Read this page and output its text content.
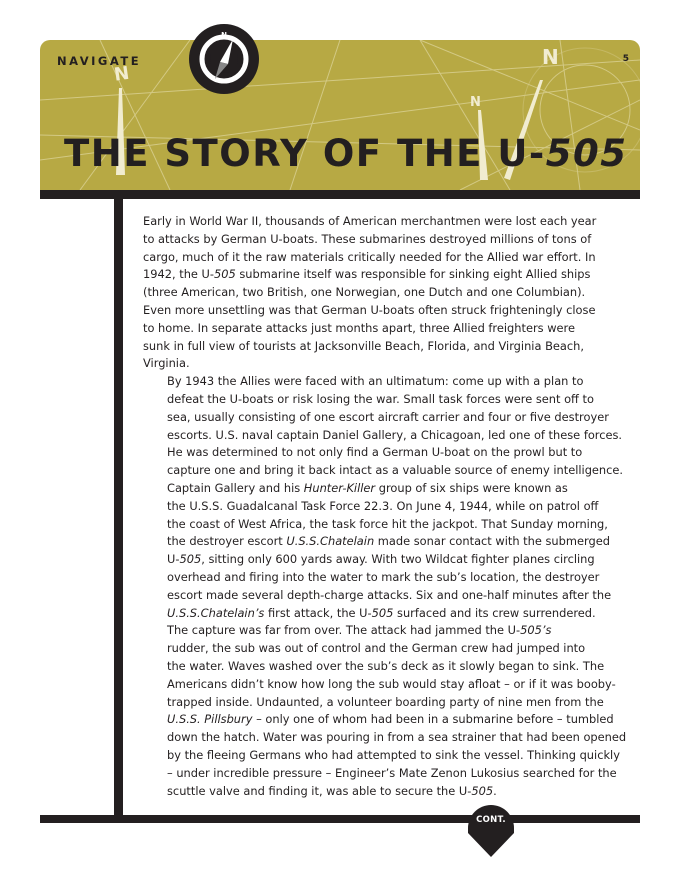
N
N
N
NAVIGATE	5
THE STORY OF THE U-505
N
CONT.

Early in World War II, thousands of American merchantmen were lost each year
to attacks by German U-boats. These submarines destroyed millions of tons of
cargo, much of it the raw materials critically needed for the Allied war effort. In
1942, the U-505 submarine itself was responsible for sinking eight Allied ships
(three American, two British, one Norwegian, one Dutch and one Columbian).
Even more unsettling was that German U-boats often struck frighteningly close
to home. In separate attacks just months apart, three Allied freighters were
sunk in full view of tourists at Jacksonville Beach, Florida, and Virginia Beach,
Virginia.

By 1943 the Allies were faced with an ultimatum: come up with a plan to
defeat the U-boats or risk losing the war. Small task forces were sent off to
sea, usually consisting of one escort aircraft carrier and four or five destroyer
escorts. U.S. naval captain Daniel Gallery, a Chicagoan, led one of these forces.
He was determined to not only find a German U-boat on the prowl but to
capture one and bring it back intact as a valuable source of enemy intelligence.

Captain Gallery and his Hunter-Killer group of six ships were known as
the U.S.S. Guadalcanal Task Force 22.3. On June 4, 1944, while on patrol off
the coast of West Africa, the task force hit the jackpot. That Sunday morning,
the destroyer escort U.S.S.Chatelain made sonar contact with the submerged
U-505, sitting only 600 yards away. With two Wildcat fighter planes circling
overhead and firing into the water to mark the sub’s location, the destroyer
escort made several depth-charge attacks. Six and one-half minutes after the
U.S.S.Chatelain’s first attack, the U-505 surfaced and its crew surrendered.

The capture was far from over. The attack had jammed the U-505’s
rudder, the sub was out of control and the German crew had jumped into
the water. Waves washed over the sub’s deck as it slowly began to sink. The
Americans didn’t know how long the sub would stay afloat – or if it was booby-
trapped inside. Undaunted, a volunteer boarding party of nine men from the
U.S.S. Pillsbury – only one of whom had been in a submarine before – tumbled
down the hatch. Water was pouring in from a sea strainer that had been opened
by the fleeing Germans who had attempted to sink the vessel. Thinking quickly
– under incredible pressure – Engineer’s Mate Zenon Lukosius searched for the
scuttle valve and finding it, was able to secure the U-505.
